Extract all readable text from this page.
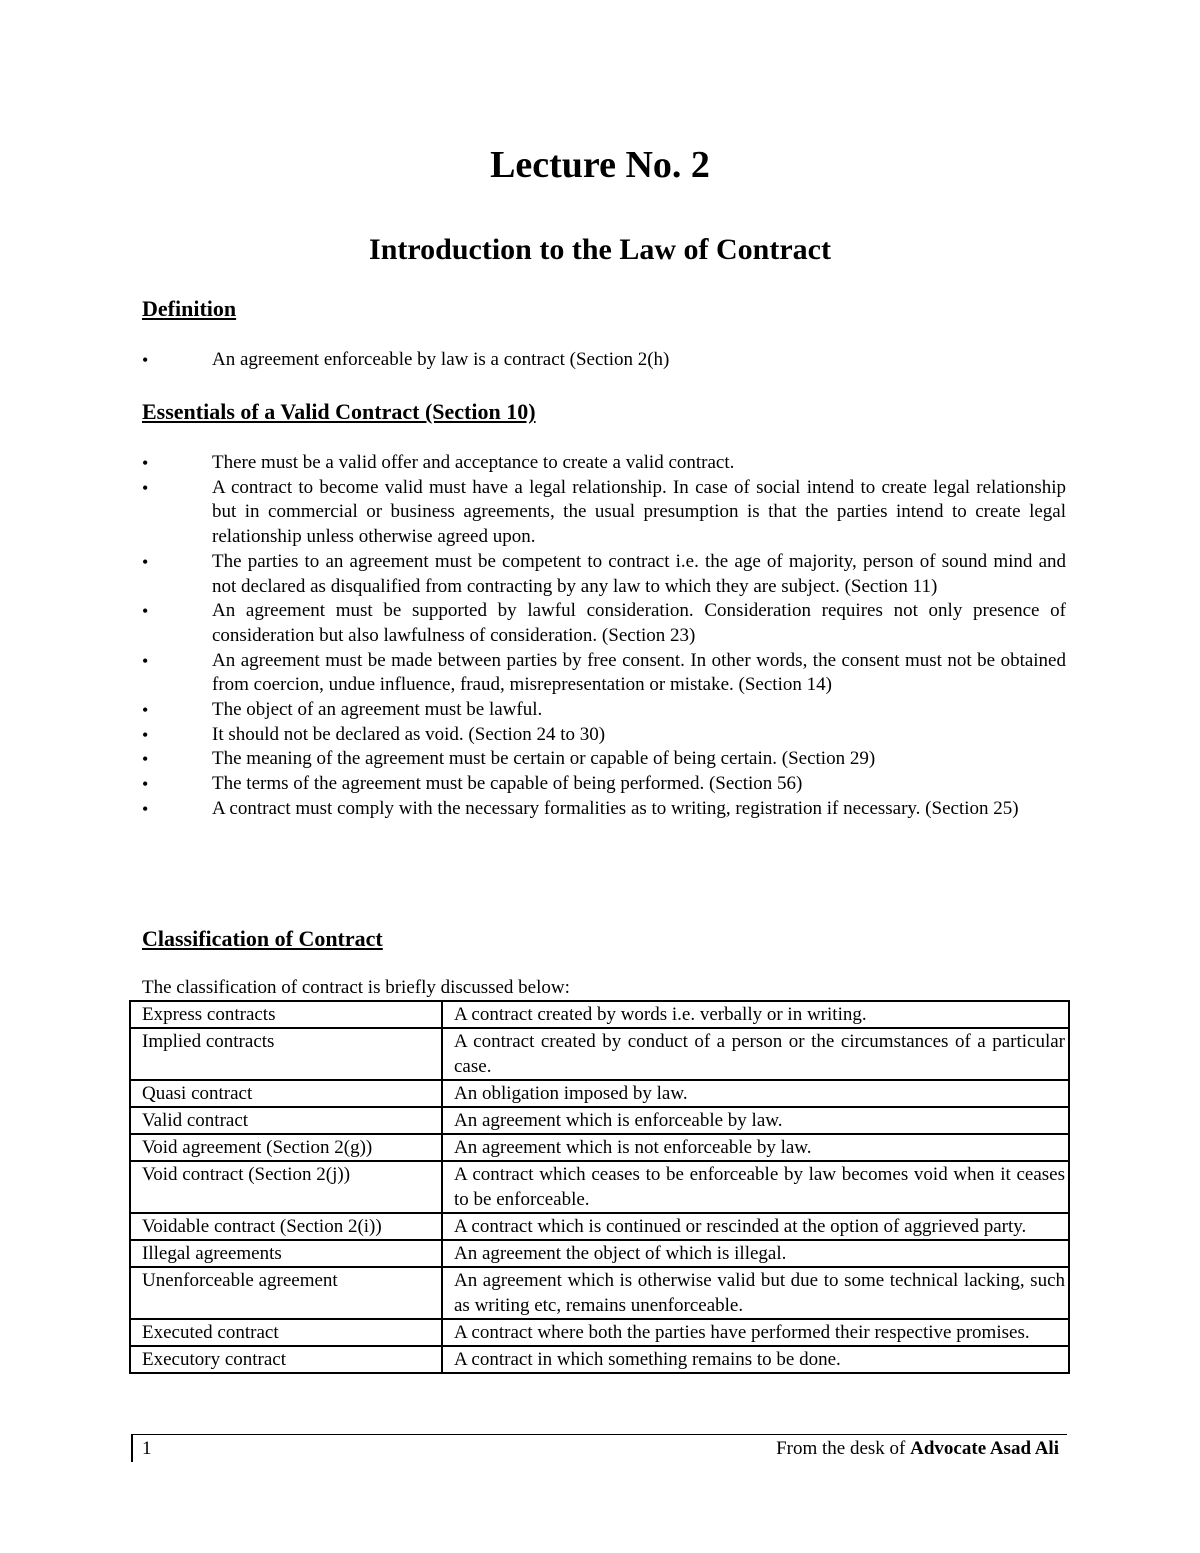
Lecture No. 2
Introduction to the Law of Contract
Definition
•	An agreement enforceable by law is a contract (Section 2(h)
Essentials of a Valid Contract (Section 10)
•	There must be a valid offer and acceptance to create a valid contract.
•	A contract to become valid must have a legal relationship. In case of social intend to create legal relationship but in commercial or business agreements, the usual presumption is that the parties intend to create legal relationship unless otherwise agreed upon.
•	The parties to an agreement must be competent to contract i.e. the age of majority, person of sound mind and not declared as disqualified from contracting by any law to which they are subject. (Section 11)
•	An agreement must be supported by lawful consideration. Consideration requires not only presence of consideration but also lawfulness of consideration. (Section 23)
•	An agreement must be made between parties by free consent. In other words, the consent must not be obtained from coercion, undue influence, fraud, misrepresentation or mistake. (Section 14)
•	The object of an agreement must be lawful.
•	It should not be declared as void. (Section 24 to 30)
•	The meaning of the agreement must be certain or capable of being certain. (Section 29)
•	The terms of the agreement must be capable of being performed. (Section 56)
•	A contract must comply with the necessary formalities as to writing, registration if necessary. (Section 25)
Classification of Contract

The classification of contract is briefly discussed below:

Express contracts	A contract created by words i.e. verbally or in writing.
Implied contracts	A contract created by conduct of a person or the circumstances of a particular case.
Quasi contract	An obligation imposed by law.
Valid contract	An agreement which is enforceable by law.
Void agreement (Section 2(g))	An agreement which is not enforceable by law.
Void contract (Section 2(j))	A contract which ceases to be enforceable by law becomes void when it ceases to be enforceable.
Voidable contract (Section 2(i))	A contract which is continued or rescinded at the option of aggrieved party.
Illegal agreements	An agreement the object of which is illegal.
Unenforceable agreement	An agreement which is otherwise valid but due to some technical lacking, such as writing etc, remains unenforceable.
Executed contract	A contract where both the parties have performed their respective promises.
Executory contract	A contract in which something remains to be done.
1	From the desk of Advocate Asad Ali
